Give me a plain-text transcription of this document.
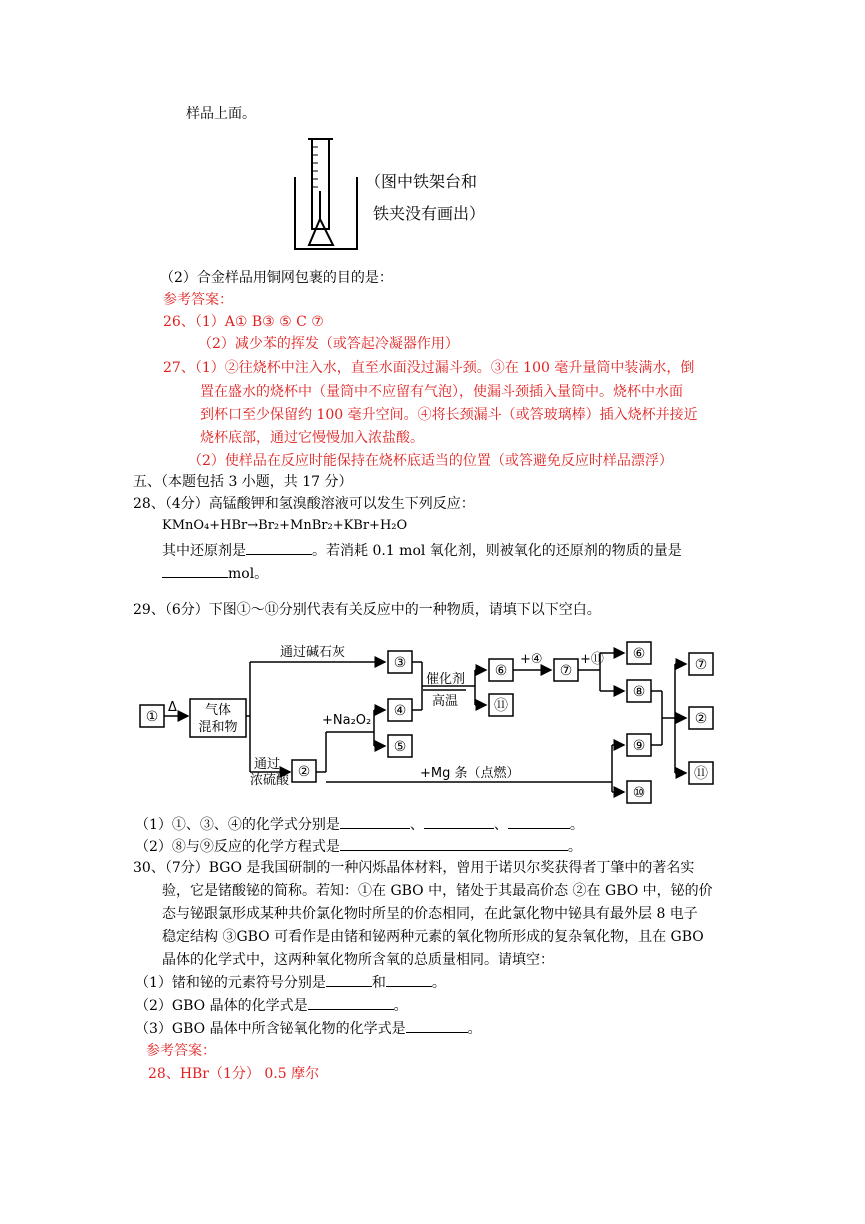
样品上面。
（图中铁架台和
铁夹没有画出）
（2）合金样品用铜网包裹的目的是：
参考答案：
26、（1）A① B③ ⑤ C ⑦
（2）减少苯的挥发（或答起冷凝器作用）
27、（1）②往烧杯中注入水，直至水面没过漏斗颈。③在 100 毫升量筒中装满水，倒
置在盛水的烧杯中（量筒中不应留有气泡），使漏斗颈插入量筒中。烧杯中水面
到杯口至少保留约 100 毫升空间。④将长颈漏斗（或答玻璃棒）插入烧杯并接近
烧杯底部，通过它慢慢加入浓盐酸。
（2）使样品在反应时能保持在烧杯底适当的位置（或答避免反应时样品漂浮）
五、（本题包括 3 小题，共 17 分）
28、（4分）高锰酸钾和氢溴酸溶液可以发生下列反应：
KMnO₄+HBr→Br₂+MnBr₂+KBr+H₂O
其中还原剂是	。若消耗 0.1 mol 氧化剂，则被氧化的还原剂的物质的量是
mol。
29、（6分）下图①～⑪分别代表有关反应中的一种物质，请填下以下空白。
①
③
④
⑤
②
⑥
⑪
⑦
⑥
⑧
⑨
⑩
⑦
②
⑪
Δ 气体
混和物
通过碱石灰
催化剂
高温
+④	+⑪
+Na₂O₂
通过
浓硫酸	+Mg 条（点燃）
（1）①、③、④的化学式分别是	、	、	。
（2）⑧与⑨反应的化学方程式是	。
30、（7分）BGO 是我国研制的一种闪烁晶体材料，曾用于诺贝尔奖获得者丁肇中的著名实
验，它是锗酸铋的简称。若知：①在 GBO 中，锗处于其最高价态 ②在 GBO 中，铋的价
态与铋跟氯形成某种共价氯化物时所呈的价态相同，在此氯化物中铋具有最外层 8 电子
稳定结构 ③GBO 可看作是由锗和铋两种元素的氧化物所形成的复杂氧化物，且在 GBO
晶体的化学式中，这两种氧化物所含氧的总质量相同。请填空：
（1）锗和铋的元素符号分别是	和	。
（2）GBO 晶体的化学式是	。
（3）GBO 晶体中所含铋氧化物的化学式是	。
参考答案：
28、HBr（1分） 0.5 摩尔
